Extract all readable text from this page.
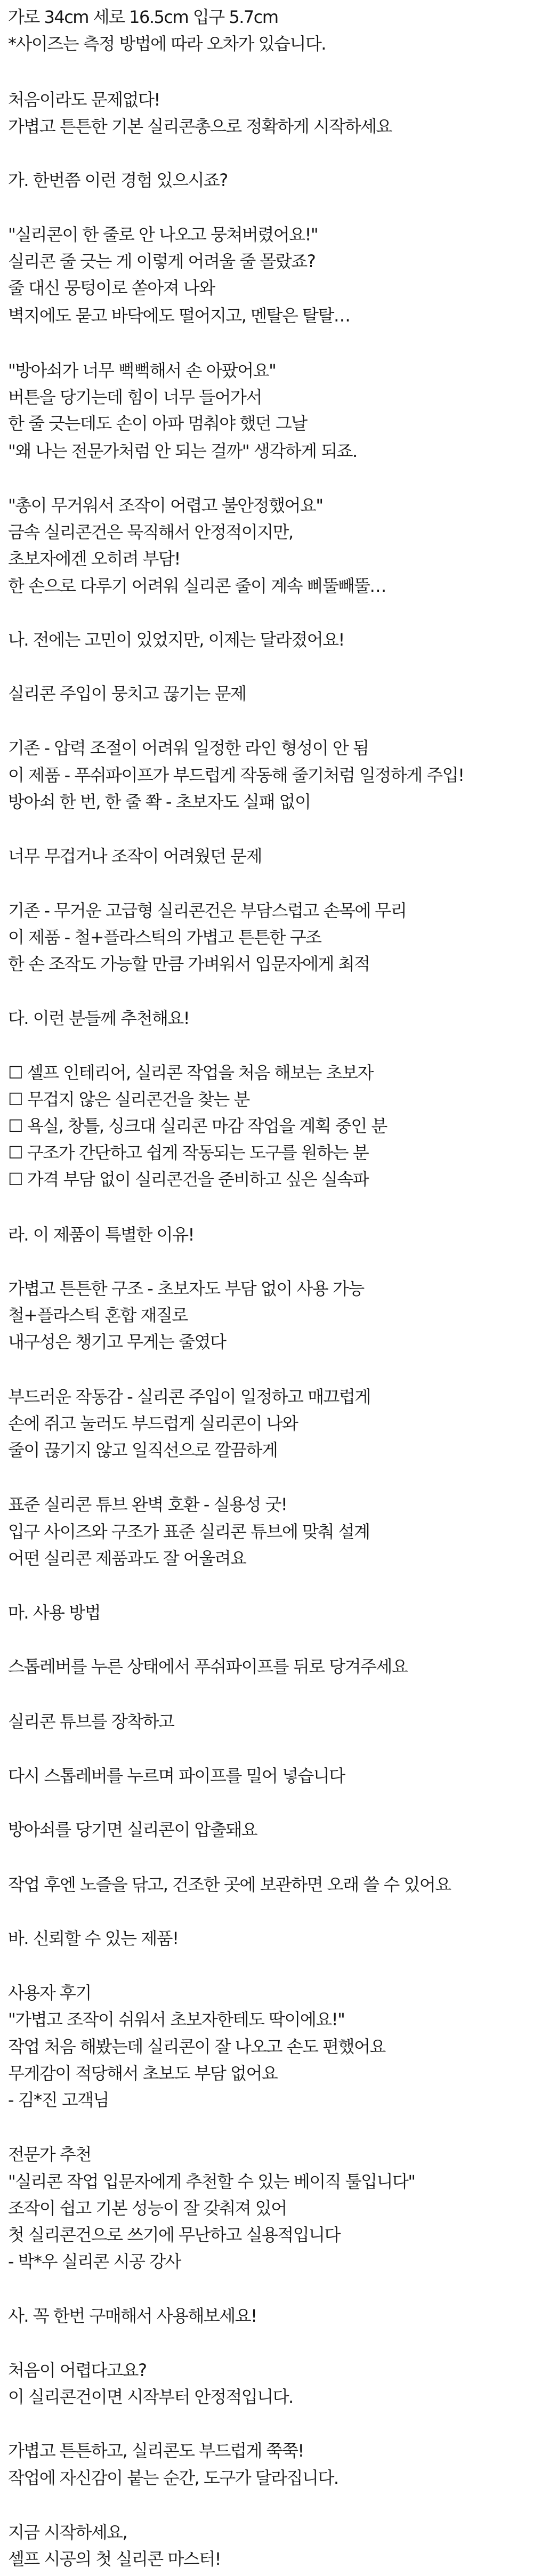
가로 34cm 세로 16.5cm 입구 5.7cm
*사이즈는 측정 방법에 따라 오차가 있습니다.
처음이라도 문제없다!
가볍고 튼튼한 기본 실리콘총으로 정확하게 시작하세요
가. 한번쯤 이런 경험 있으시죠?
"실리콘이 한 줄로 안 나오고 뭉쳐버렸어요!"
실리콘 줄 긋는 게 이렇게 어려울 줄 몰랐죠?
줄 대신 뭉텅이로 쏟아져 나와
벽지에도 묻고 바닥에도 떨어지고, 멘탈은 탈탈…
"방아쇠가 너무 뻑뻑해서 손 아팠어요"
버튼을 당기는데 힘이 너무 들어가서
한 줄 긋는데도 손이 아파 멈춰야 했던 그날
"왜 나는 전문가처럼 안 되는 걸까" 생각하게 되죠.
"총이 무거워서 조작이 어렵고 불안정했어요"
금속 실리콘건은 묵직해서 안정적이지만,
초보자에겐 오히려 부담!
한 손으로 다루기 어려워 실리콘 줄이 계속 삐뚤빼뚤…
나. 전에는 고민이 있었지만, 이제는 달라졌어요!
실리콘 주입이 뭉치고 끊기는 문제
기존 - 압력 조절이 어려워 일정한 라인 형성이 안 됨
이 제품 - 푸쉬파이프가 부드럽게 작동해 줄기처럼 일정하게 주입!
방아쇠 한 번, 한 줄 쫙 - 초보자도 실패 없이
너무 무겁거나 조작이 어려웠던 문제
기존 - 무거운 고급형 실리콘건은 부담스럽고 손목에 무리
이 제품 - 철+플라스틱의 가볍고 튼튼한 구조
한 손 조작도 가능할 만큼 가벼워서 입문자에게 최적
다. 이런 분들께 추천해요!
☐ 셀프 인테리어, 실리콘 작업을 처음 해보는 초보자
☐ 무겁지 않은 실리콘건을 찾는 분
☐ 욕실, 창틀, 싱크대 실리콘 마감 작업을 계획 중인 분
☐ 구조가 간단하고 쉽게 작동되는 도구를 원하는 분
☐ 가격 부담 없이 실리콘건을 준비하고 싶은 실속파
라. 이 제품이 특별한 이유!
가볍고 튼튼한 구조 - 초보자도 부담 없이 사용 가능
철+플라스틱 혼합 재질로
내구성은 챙기고 무게는 줄였다
부드러운 작동감 - 실리콘 주입이 일정하고 매끄럽게
손에 쥐고 눌러도 부드럽게 실리콘이 나와
줄이 끊기지 않고 일직선으로 깔끔하게
표준 실리콘 튜브 완벽 호환 - 실용성 굿!
입구 사이즈와 구조가 표준 실리콘 튜브에 맞춰 설계
어떤 실리콘 제품과도 잘 어울려요
마. 사용 방법
스톱레버를 누른 상태에서 푸쉬파이프를 뒤로 당겨주세요
실리콘 튜브를 장착하고
다시 스톱레버를 누르며 파이프를 밀어 넣습니다
방아쇠를 당기면 실리콘이 압출돼요
작업 후엔 노즐을 닦고, 건조한 곳에 보관하면 오래 쓸 수 있어요
바. 신뢰할 수 있는 제품!
사용자 후기
"가볍고 조작이 쉬워서 초보자한테도 딱이에요!"
작업 처음 해봤는데 실리콘이 잘 나오고 손도 편했어요
무게감이 적당해서 초보도 부담 없어요
- 김*진 고객님
전문가 추천
"실리콘 작업 입문자에게 추천할 수 있는 베이직 툴입니다"
조작이 쉽고 기본 성능이 잘 갖춰져 있어
첫 실리콘건으로 쓰기에 무난하고 실용적입니다
- 박*우 실리콘 시공 강사
사. 꼭 한번 구매해서 사용해보세요!
처음이 어렵다고요?
이 실리콘건이면 시작부터 안정적입니다.
가볍고 튼튼하고, 실리콘도 부드럽게 쭉쭉!
작업에 자신감이 붙는 순간, 도구가 달라집니다.
지금 시작하세요,
셀프 시공의 첫 실리콘 마스터!
